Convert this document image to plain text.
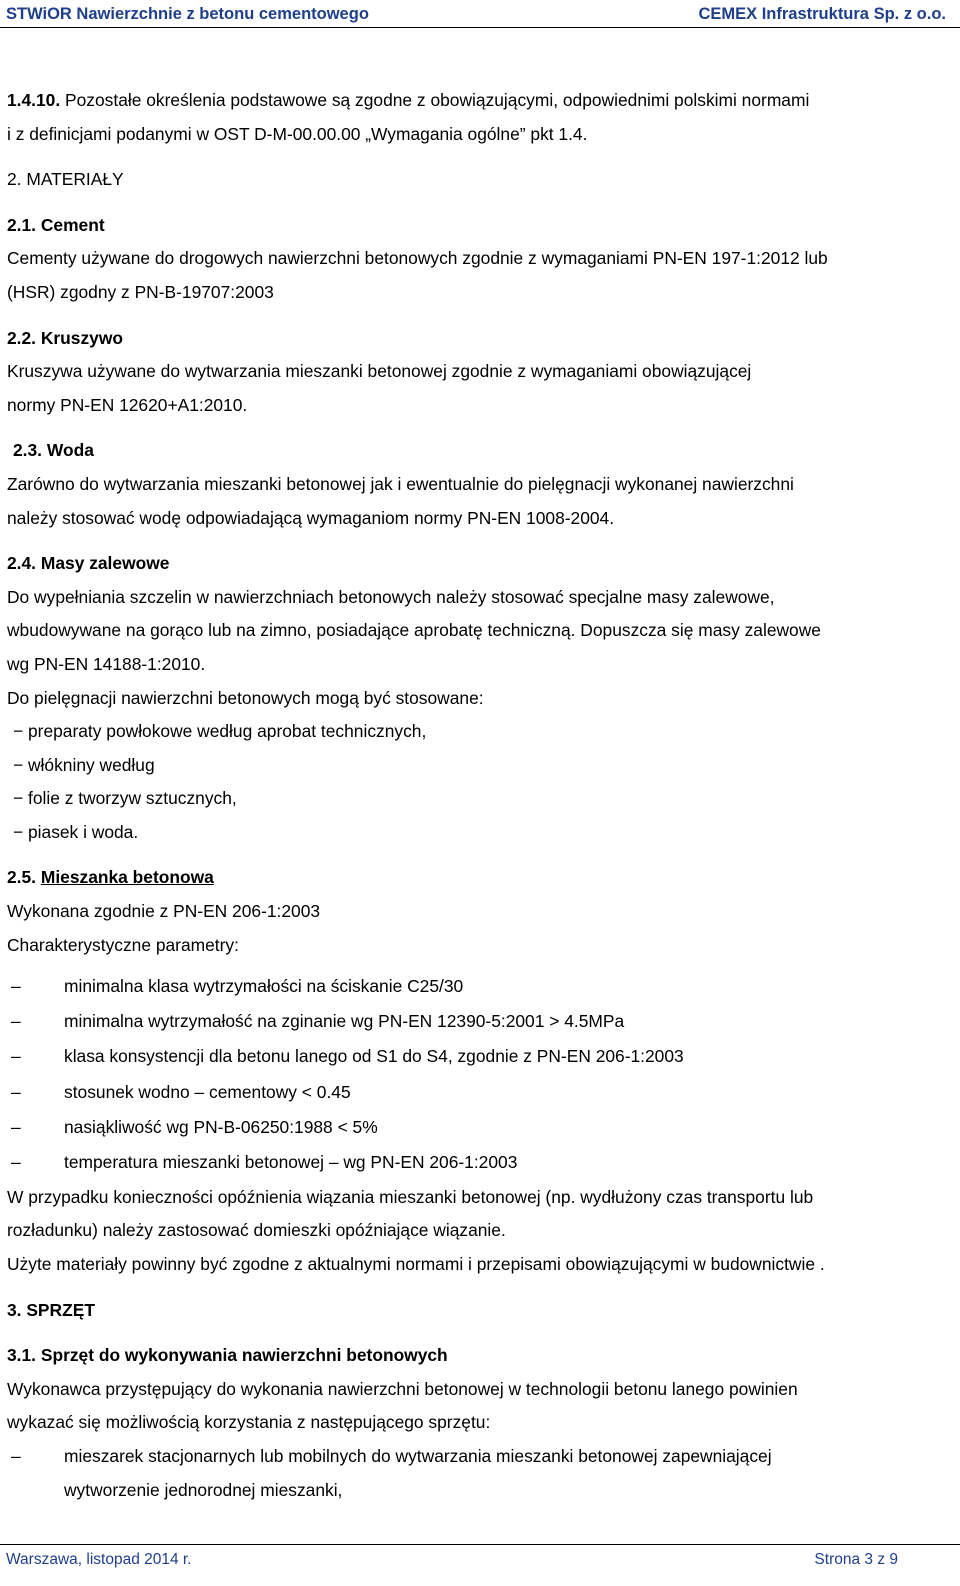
STWiOR Nawierzchnie z betonu cementowego	CEMEX Infrastruktura Sp. z o.o.

1.4.10. Pozostałe określenia podstawowe są zgodne z obowiązującymi, odpowiednimi polskimi normami

i z definicjami podanymi w OST D-M-00.00.00 „Wymagania ogólne” pkt 1.4.

2. MATERIAŁY

2.1. Cement

Cementy używane do drogowych nawierzchni betonowych zgodnie z wymaganiami PN-EN 197-1:2012 lub

(HSR) zgodny z PN-B-19707:2003

2.2. Kruszywo

Kruszywa używane do wytwarzania mieszanki betonowej zgodnie z wymaganiami obowiązującej

normy PN-EN 12620+A1:2010.

2.3. Woda

Zarówno do wytwarzania mieszanki betonowej jak i ewentualnie do pielęgnacji wykonanej nawierzchni

należy stosować wodę odpowiadającą wymaganiom normy PN-EN 1008-2004.

2.4. Masy zalewowe

Do wypełniania szczelin w nawierzchniach betonowych należy stosować specjalne masy zalewowe,

wbudowywane na gorąco lub na zimno, posiadające aprobatę techniczną. Dopuszcza się masy zalewowe

wg PN-EN 14188-1:2010.

Do pielęgnacji nawierzchni betonowych mogą być stosowane:

− preparaty powłokowe według aprobat technicznych,

− włókniny według

− folie z tworzyw sztucznych,

− piasek i woda.

2.5. Mieszanka betonowa

Wykonana zgodnie z PN-EN 206-1:2003

Charakterystyczne parametry:

–	minimalna klasa wytrzymałości na ściskanie C25/30
–	minimalna wytrzymałość na zginanie wg PN-EN 12390-5:2001 > 4.5MPa
–	klasa konsystencji dla betonu lanego od S1 do S4, zgodnie z PN-EN 206-1:2003
–	stosunek wodno – cementowy < 0.45
–	nasiąkliwość wg PN-B-06250:1988 < 5%
–	temperatura mieszanki betonowej – wg PN-EN 206-1:2003

W przypadku konieczności opóźnienia wiązania mieszanki betonowej (np. wydłużony czas transportu lub

rozładunku) należy zastosować domieszki opóźniające wiązanie.

Użyte materiały powinny być zgodne z aktualnymi normami i przepisami obowiązującymi w budownictwie .

3. SPRZĘT

3.1. Sprzęt do wykonywania nawierzchni betonowych

Wykonawca przystępujący do wykonania nawierzchni betonowej w technologii betonu lanego powinien

wykazać się możliwością korzystania z następującego sprzętu:

–	mieszarek stacjonarnych lub mobilnych do wytwarzania mieszanki betonowej zapewniającej
wytworzenie jednorodnej mieszanki,
Warszawa, listopad 2014 r.	Strona 3 z 9
